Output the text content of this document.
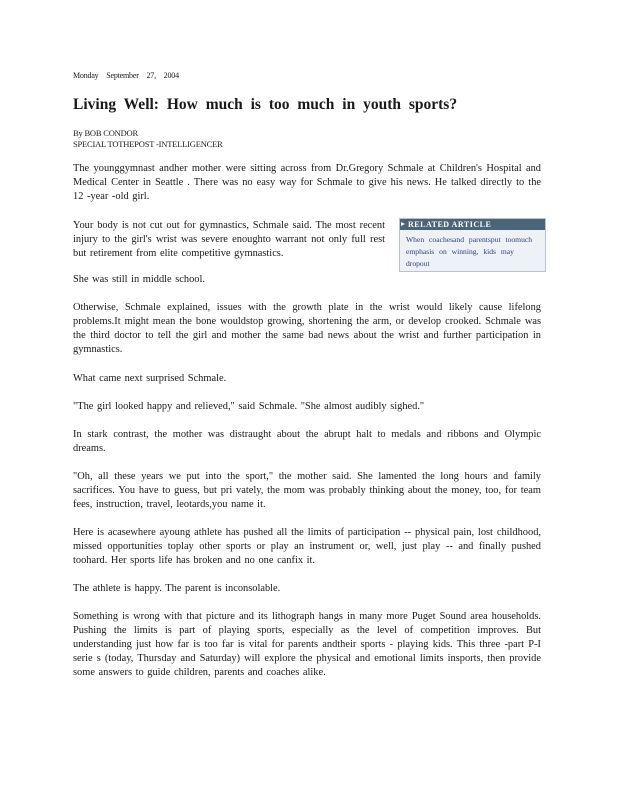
Monday September 27, 2004
Living Well: How much is too much in youth sports?
By BOB CONDOR
SPECIAL TOTHEPOST -INTELLIGENCER

The younggymnast andher mother were sitting across from Dr.Gregory Schmale at Children's Hospital and Medical Center in Seattle . There was no easy way for Schmale to give his news. He talked directly to the 12 -year -old girl.

Your body is not cut out for gymnastics, Schmale said. The most recent injury to the girl's wrist was severe enoughto warrant not only full rest but retirement from elite competitive gymnastics.

RELATED ARTICLE
When coachesand parentsput toomuch emphasis on winning, kids may dropout

She was still in middle school.

Otherwise, Schmale explained, issues with the growth plate in the wrist would likely cause lifelong problems.It might mean the bone wouldstop growing, shortening the arm, or develop crooked. Schmale was the third doctor to tell the girl and mother the same bad news about the wrist and further participation in gymnastics.

What came next surprised Schmale.

"The girl looked happy and relieved," said Schmale. "She almost audibly sighed."

In stark contrast, the mother was distraught about the abrupt halt to medals and ribbons and Olympic dreams.

"Oh, all these years we put into the sport," the mother said. She lamented the long hours and family sacrifices. You have to guess, but pri vately, the mom was probably thinking about the money, too, for team fees, instruction, travel, leotards,you name it.

Here is acasewhere ayoung athlete has pushed all the limits of participation -- physical pain, lost childhood, missed opportunities toplay other sports or play an instrument or, well, just play -- and finally pushed toohard. Her sports life has broken and no one canfix it.

The athlete is happy. The parent is inconsolable.

Something is wrong with that picture and its lithograph hangs in many more Puget Sound area households. Pushing the limits is part of playing sports, especially as the level of competition improves. But understanding just how far is too far is vital for parents andtheir sports - playing kids. This three -part P-I serie s (today, Thursday and Saturday) will explore the physical and emotional limits insports, then provide some answers to guide children, parents and coaches alike.
